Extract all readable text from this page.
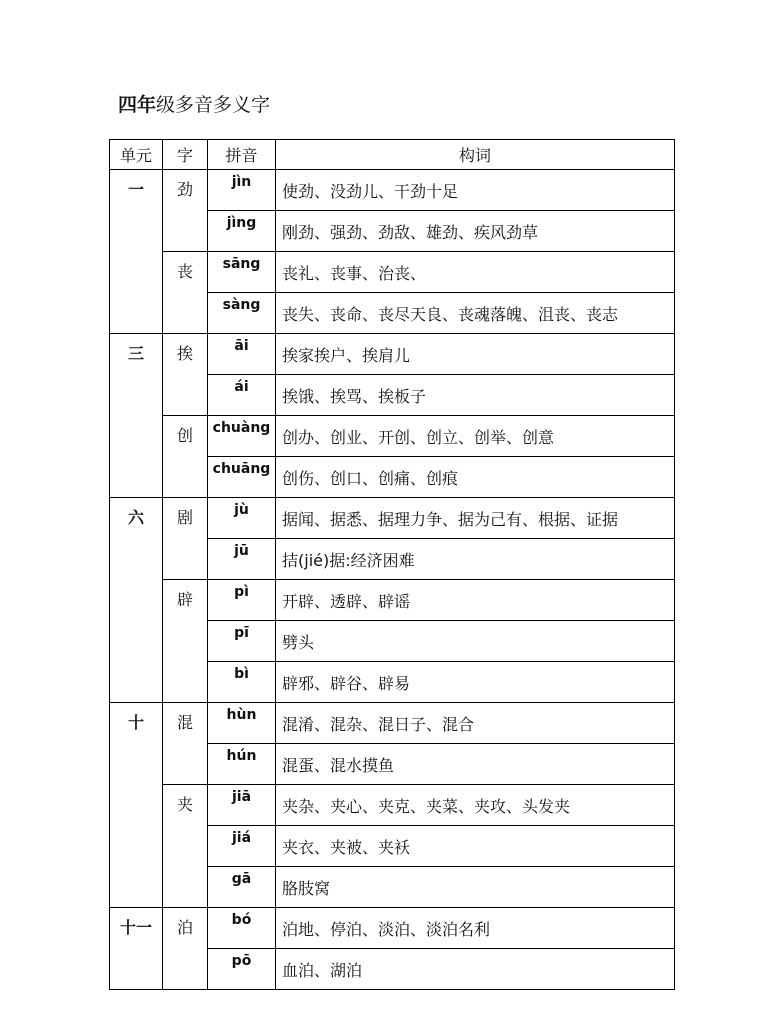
四年级多音多义字
单元	字	拼音	构词
一	劲	jìn	使劲、没劲儿、干劲十足
		jìng	刚劲、强劲、劲敌、雄劲、疾风劲草
	丧	sāng	丧礼、丧事、治丧、
		sàng	丧失、丧命、丧尽天良、丧魂落魄、沮丧、丧志
三	挨	āi	挨家挨户、挨肩儿
		ái	挨饿、挨骂、挨板子
	创	chuàng	创办、创业、开创、创立、创举、创意
		chuāng	创伤、创口、创痛、创痕
六	剧	jù	据闻、据悉、据理力争、据为己有、根据、证据
		jū	拮(jié)据:经济困难
	辟	pì	开辟、透辟、辟谣
		pī	劈头
		bì	辟邪、辟谷、辟易
十	混	hùn	混淆、混杂、混日子、混合
		hún	混蛋、混水摸鱼
	夹	jiā	夹杂、夹心、夹克、夹菜、夹攻、头发夹
		jiá	夹衣、夹被、夹袄
		gā	胳肢窝
十一	泊	bó	泊地、停泊、淡泊、淡泊名利
		pō	血泊、湖泊
